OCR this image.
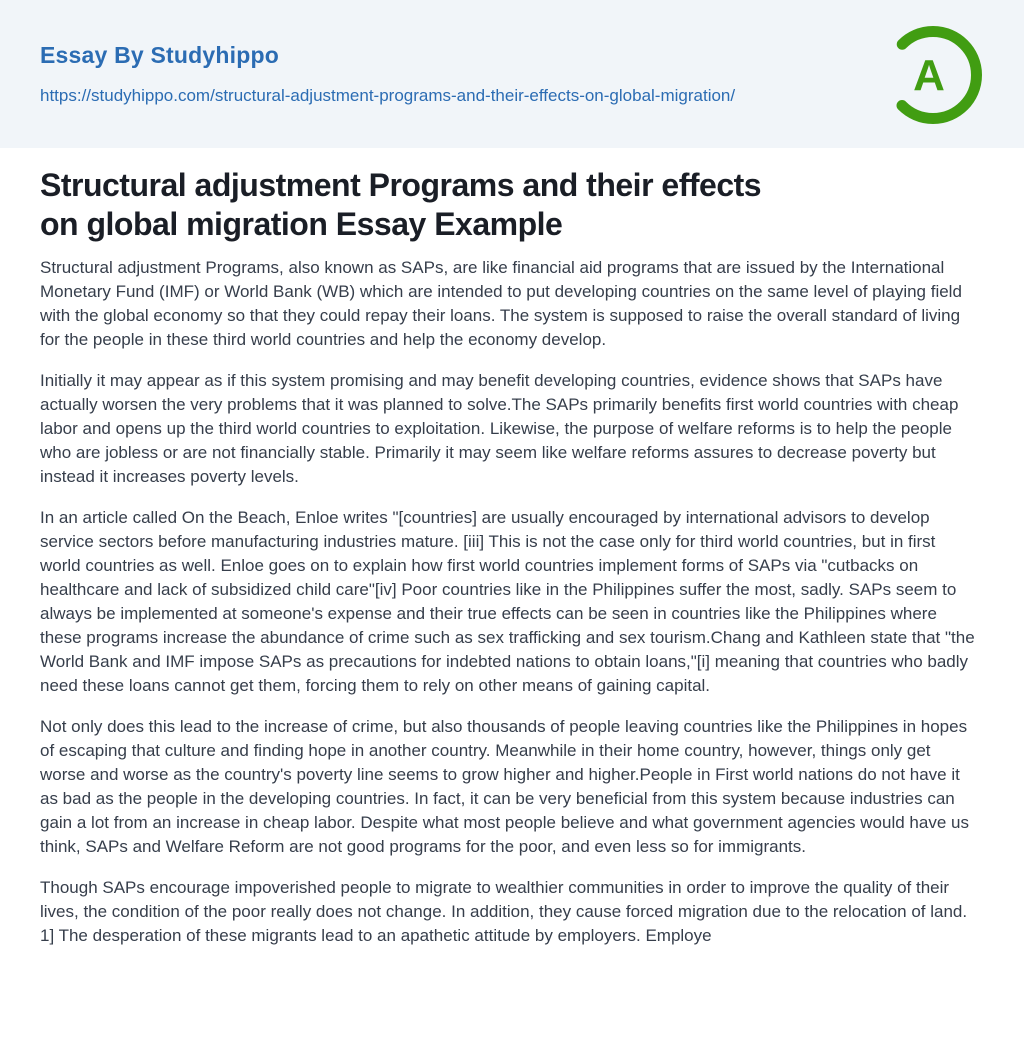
Essay By Studyhippo
https://studyhippo.com/structural-adjustment-programs-and-their-effects-on-global-migration/	A
Structural adjustment Programs and their effects
on global migration Essay Example

Structural adjustment Programs, also known as SAPs, are like financial aid programs that are issued by the International Monetary Fund (IMF) or World Bank (WB) which are intended to put developing countries on the same level of playing field with the global economy so that they could repay their loans. The system is supposed to raise the overall standard of living for the people in these third world countries and help the economy develop.

Initially it may appear as if this system promising and may benefit developing countries, evidence shows that SAPs have actually worsen the very problems that it was planned to solve.The SAPs primarily benefits first world countries with cheap labor and opens up the third world countries to exploitation. Likewise, the purpose of welfare reforms is to help the people who are jobless or are not financially stable. Primarily it may seem like welfare reforms assures to decrease poverty but instead it increases poverty levels.

In an article called On the Beach, Enloe writes "[countries] are usually encouraged by international advisors to develop service sectors before manufacturing industries mature. [iii] This is not the case only for third world countries, but in first world countries as well. Enloe goes on to explain how first world countries implement forms of SAPs via "cutbacks on healthcare and lack of subsidized child care"[iv] Poor countries like in the Philippines suffer the most, sadly. SAPs seem to always be implemented at someone's expense and their true effects can be seen in countries like the Philippines where these programs increase the abundance of crime such as sex trafficking and sex tourism.Chang and Kathleen state that "the World Bank and IMF impose SAPs as precautions for indebted nations to obtain loans,"[i] meaning that countries who badly need these loans cannot get them, forcing them to rely on other means of gaining capital.

Not only does this lead to the increase of crime, but also thousands of people leaving countries like the Philippines in hopes of escaping that culture and finding hope in another country. Meanwhile in their home country, however, things only get worse and worse as the country's poverty line seems to grow higher and higher.People in First world nations do not have it as bad as the people in the developing countries. In fact, it can be very beneficial from this system because industries can gain a lot from an increase in cheap labor. Despite what most people believe and what government agencies would have us think, SAPs and Welfare Reform are not good programs for the poor, and even less so for immigrants.

Though SAPs encourage impoverished people to migrate to wealthier communities in order to improve the quality of their lives, the condition of the poor really does not change. In addition, they cause forced migration due to the relocation of land. 1] The desperation of these migrants lead to an apathetic attitude by employers. Employe
